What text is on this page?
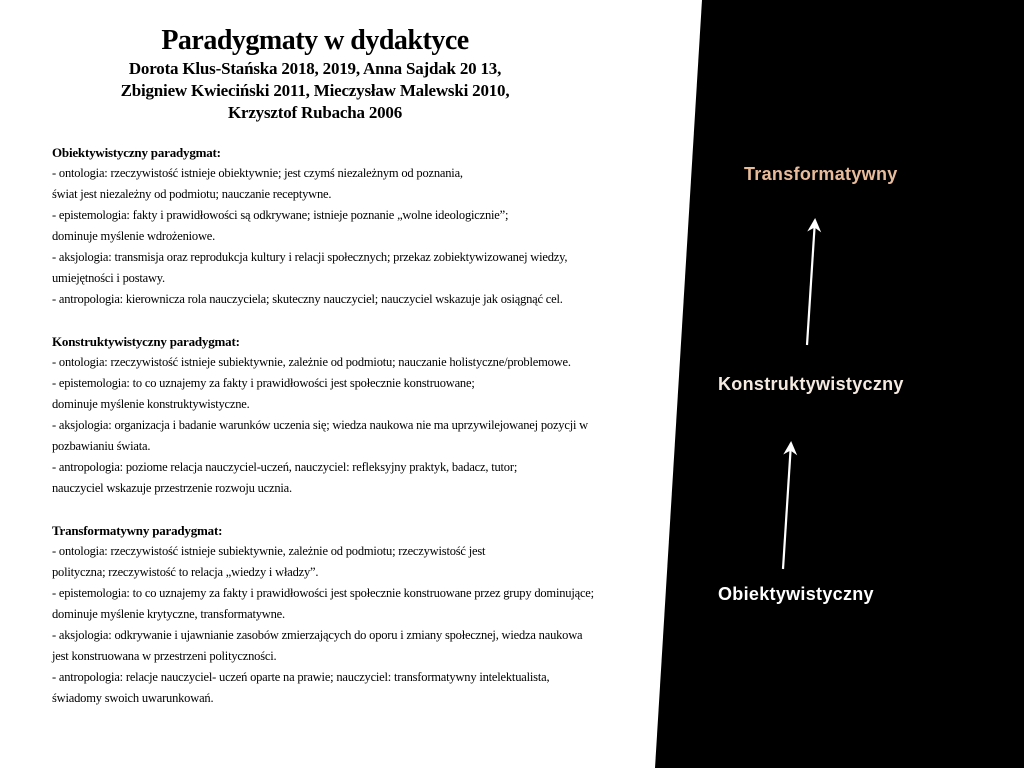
Paradygmaty w dydaktyce
Dorota Klus-Stańska 2018, 2019, Anna Sajdak 20 13,
Zbigniew Kwieciński 2011, Mieczysław Malewski 2010,
Krzysztof Rubacha 2006
Obiektywistyczny paradygmat:
- ontologia: rzeczywistość istnieje obiektywnie; jest czymś niezależnym od poznania,
świat jest niezależny od podmiotu; nauczanie receptywne.
- epistemologia: fakty i prawidłowości są odkrywane; istnieje poznanie „wolne ideologicznie”;
dominuje myślenie wdrożeniowe.
- aksjologia: transmisja oraz reprodukcja kultury i relacji społecznych; przekaz zobiektywizowanej wiedzy,
umiejętności i postawy.
- antropologia: kierownicza rola nauczyciela; skuteczny nauczyciel; nauczyciel wskazuje jak osiągnąć cel.
Konstruktywistyczny paradygmat:
- ontologia: rzeczywistość istnieje subiektywnie, zależnie od podmiotu; nauczanie holistyczne/problemowe.
- epistemologia: to co uznajemy za fakty i prawidłowości jest społecznie konstruowane;
dominuje myślenie konstruktywistyczne.
- aksjologia: organizacja i badanie warunków uczenia się; wiedza naukowa nie ma uprzywilejowanej pozycji w
pozbawianiu świata.
- antropologia: poziome relacja nauczyciel-uczeń, nauczyciel: refleksyjny praktyk, badacz, tutor;
nauczyciel wskazuje przestrzenie rozwoju ucznia.
Transformatywny paradygmat:
- ontologia: rzeczywistość istnieje subiektywnie, zależnie od podmiotu; rzeczywistość jest
polityczna; rzeczywistość to relacja „wiedzy i władzy”.
- epistemologia: to co uznajemy za fakty i prawidłowości jest społecznie konstruowane przez grupy dominujące;
dominuje myślenie krytyczne, transformatywne.
- aksjologia: odkrywanie i ujawnianie zasobów zmierzających do oporu i zmiany społecznej, wiedza naukowa
jest konstruowana w przestrzeni polityczności.
- antropologia: relacje nauczyciel- uczeń oparte na prawie; nauczyciel: transformatywny intelektualista,
świadomy swoich uwarunkowań.
Transformatywny
Konstruktywistyczny
Obiektywistyczny
